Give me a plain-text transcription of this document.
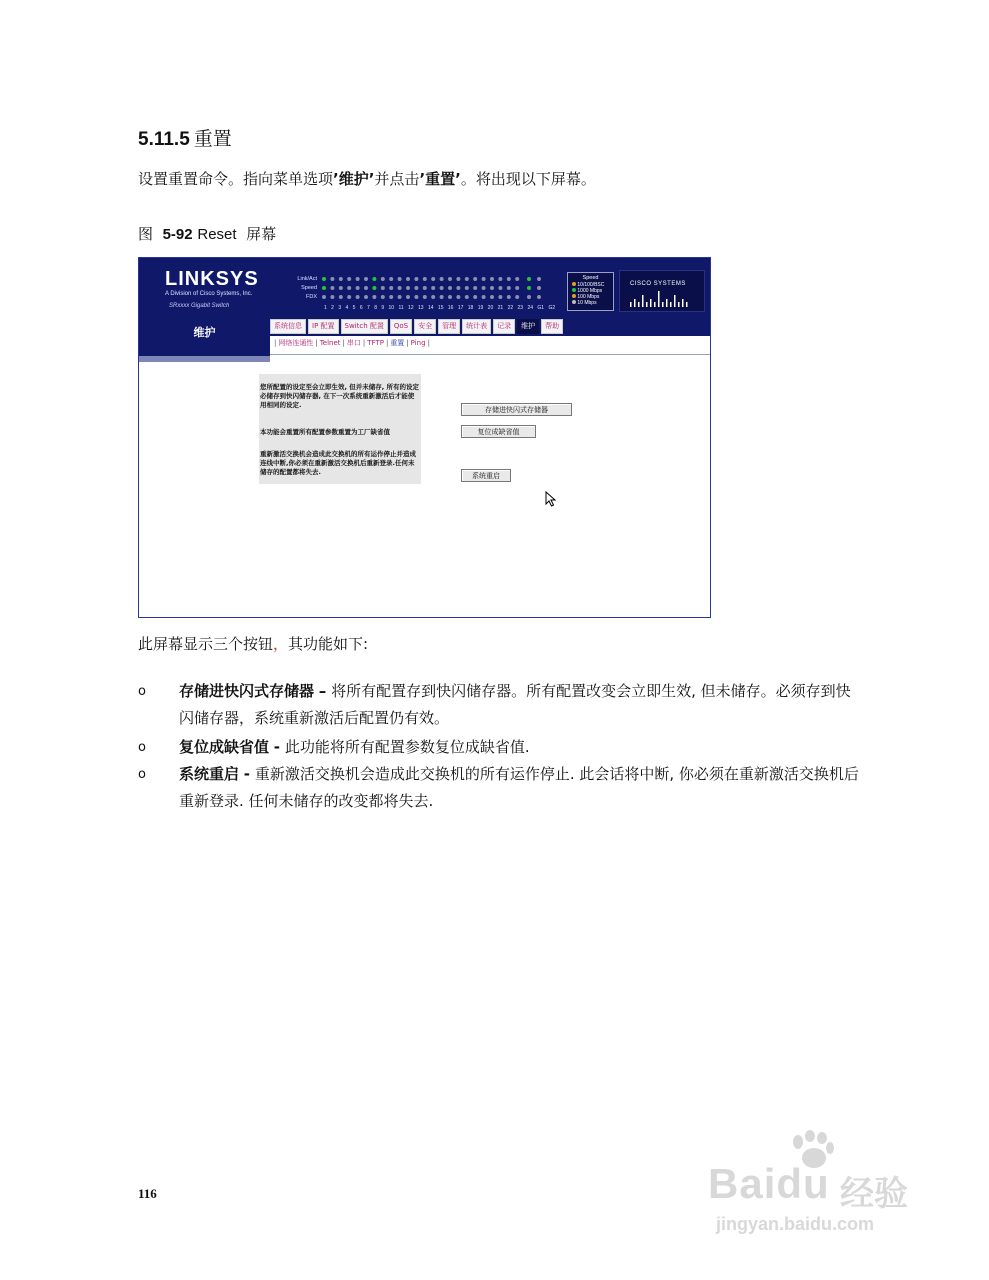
5.11.5 重置
设置重置命令。指向菜单选项’维护’并点击’重置’。将出现以下屏幕。
图 5-92 Reset 屏幕
LINKSYS
A Division of Cisco Systems, Inc.
SRxxxx Gigabit Switch
Link/Act
Speed
FDX
1 2 3 4 5 6 7 8 9 10 11 12 13 14 15 16 17 18 19 20 21 22 23 24 G1 G2
Speed
10/100/BSC
1000 Mbps
100 Mbps
10 Mbps
CISCO SYSTEMS
维护	系统信息	IP 配置	Switch 配置	QoS	安全	管理	统计表	记录	维护	帮助
| 网络连通性 | Telnet | 串口 | TFTP | 重置 | Ping |
您所配置的设定至会立即生效, 但并未储存, 所有的设定必储存到快闪储存器, 在下一次系统重新激活后才能使用相同的设定.
本功能会重置所有配置参数重置为工厂缺省值
重新激活交换机会造成此交换机的所有运作停止并造成连线中断,你必须在重新激活交换机后重新登录.任何未储存的配置都将失去.
存储进快闪式存储器
复位成缺省值
系统重启
此屏幕显示三个按钮，其功能如下:
o 存储进快闪式存储器 – 将所有配置存到快闪储存器。所有配置改变会立即生效, 但未储存。必须存到快闪储存器，系统重新激活后配置仍有效。
o 复位成缺省值 - 此功能将所有配置参数复位成缺省值.
o 系统重启 - 重新激活交换机会造成此交换机的所有运作停止. 此会话将中断, 你必须在重新激活交换机后重新登录. 任何未储存的改变都将失去.
116	Baidu 经验
jingyan.baidu.com
